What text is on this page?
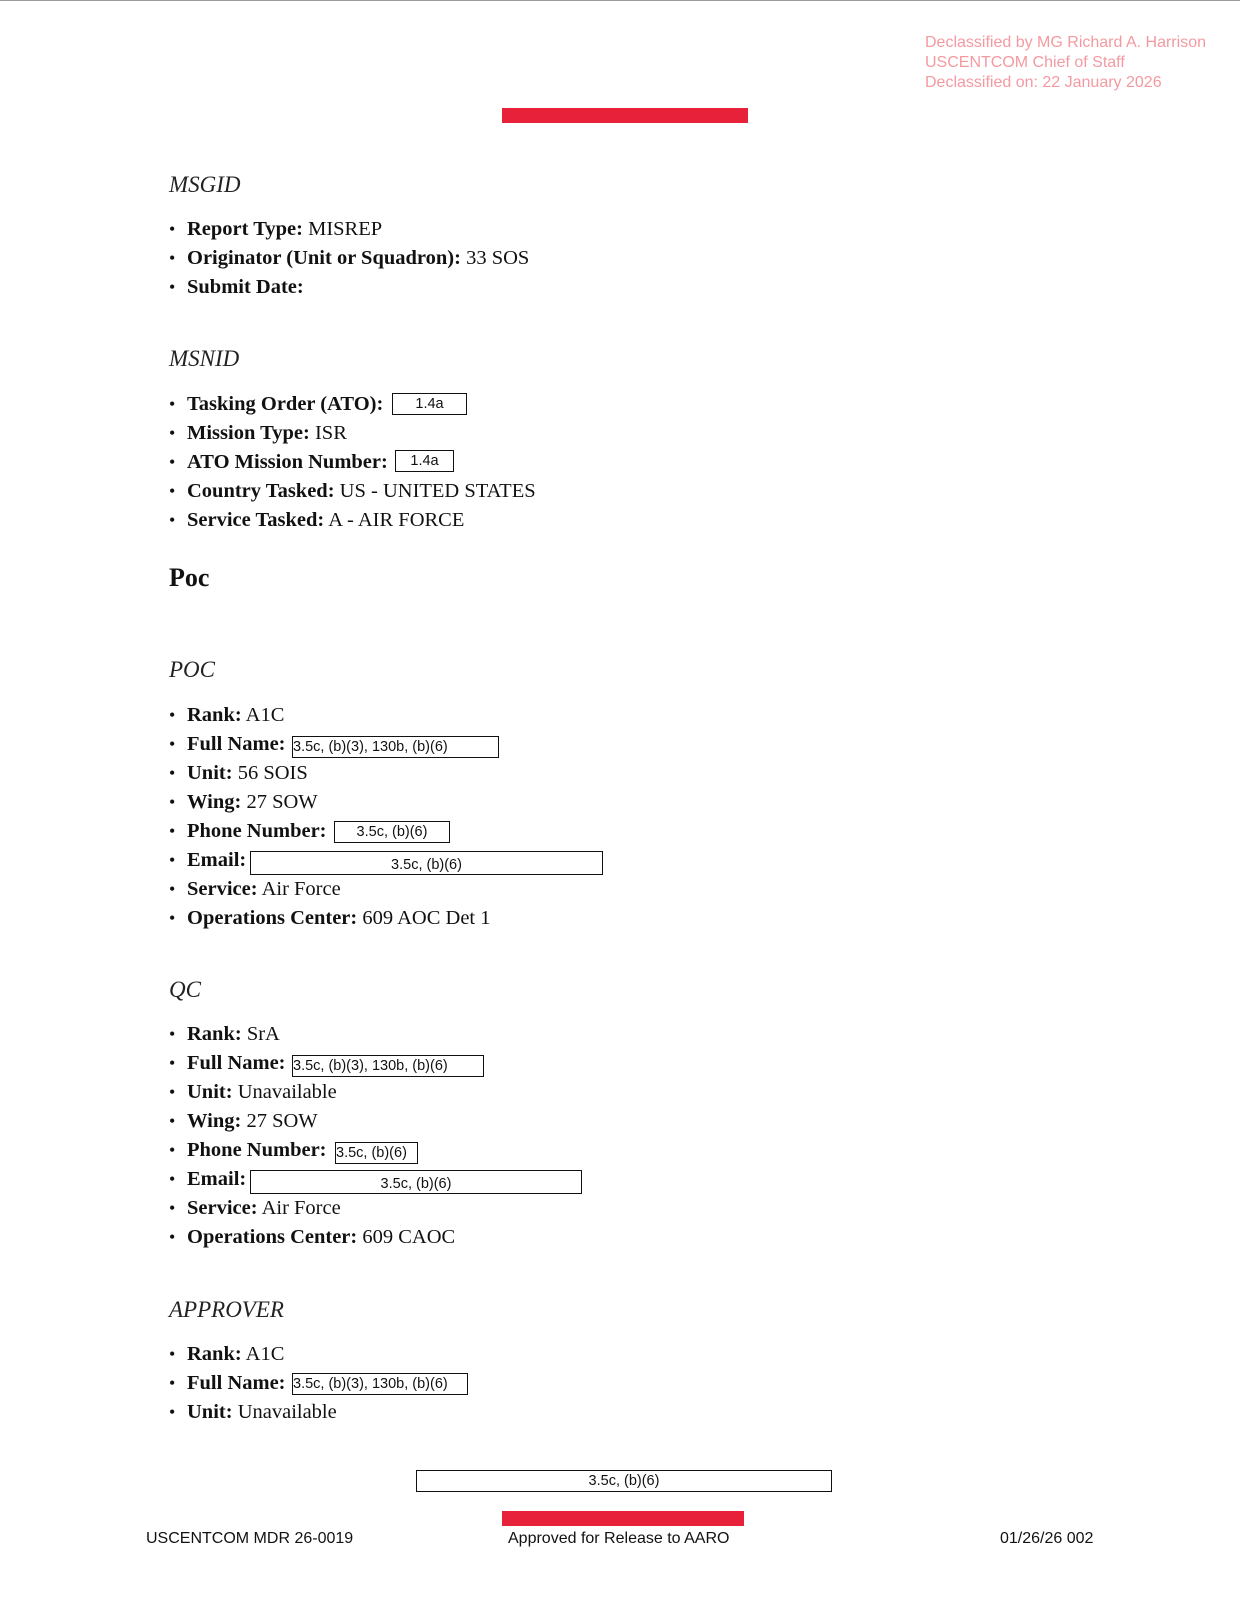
Declassified by MG Richard A. Harrison
USCENTCOM Chief of Staff
Declassified on: 22 January 2026
MSGID
• Report Type: MISREP
• Originator (Unit or Squadron): 33 SOS
• Submit Date:
MSNID
• Tasking Order (ATO):
• Mission Type: ISR
• ATO Mission Number:
• Country Tasked: US - UNITED STATES
• Service Tasked: A - AIR FORCE
1.4a
1.4a
Poc
POC
• Rank: A1C
• Full Name:
• Unit: 56 SOIS
• Wing: 27 SOW
• Phone Number:
• Email:
• Service: Air Force
• Operations Center: 609 AOC Det 1
3.5c, (b)(3), 130b, (b)(6)
3.5c, (b)(6)
3.5c, (b)(6)
QC
• Rank: SrA
• Full Name:
• Unit: Unavailable
• Wing: 27 SOW
• Phone Number:
• Email:
• Service: Air Force
• Operations Center: 609 CAOC
3.5c, (b)(3), 130b, (b)(6)
3.5c, (b)(6)
3.5c, (b)(6)
APPROVER
• Rank: A1C
• Full Name:
• Unit: Unavailable
3.5c, (b)(3), 130b, (b)(6)
3.5c, (b)(6)
USCENTCOM MDR 26-0019	Approved for Release to AARO	01/26/26 002
